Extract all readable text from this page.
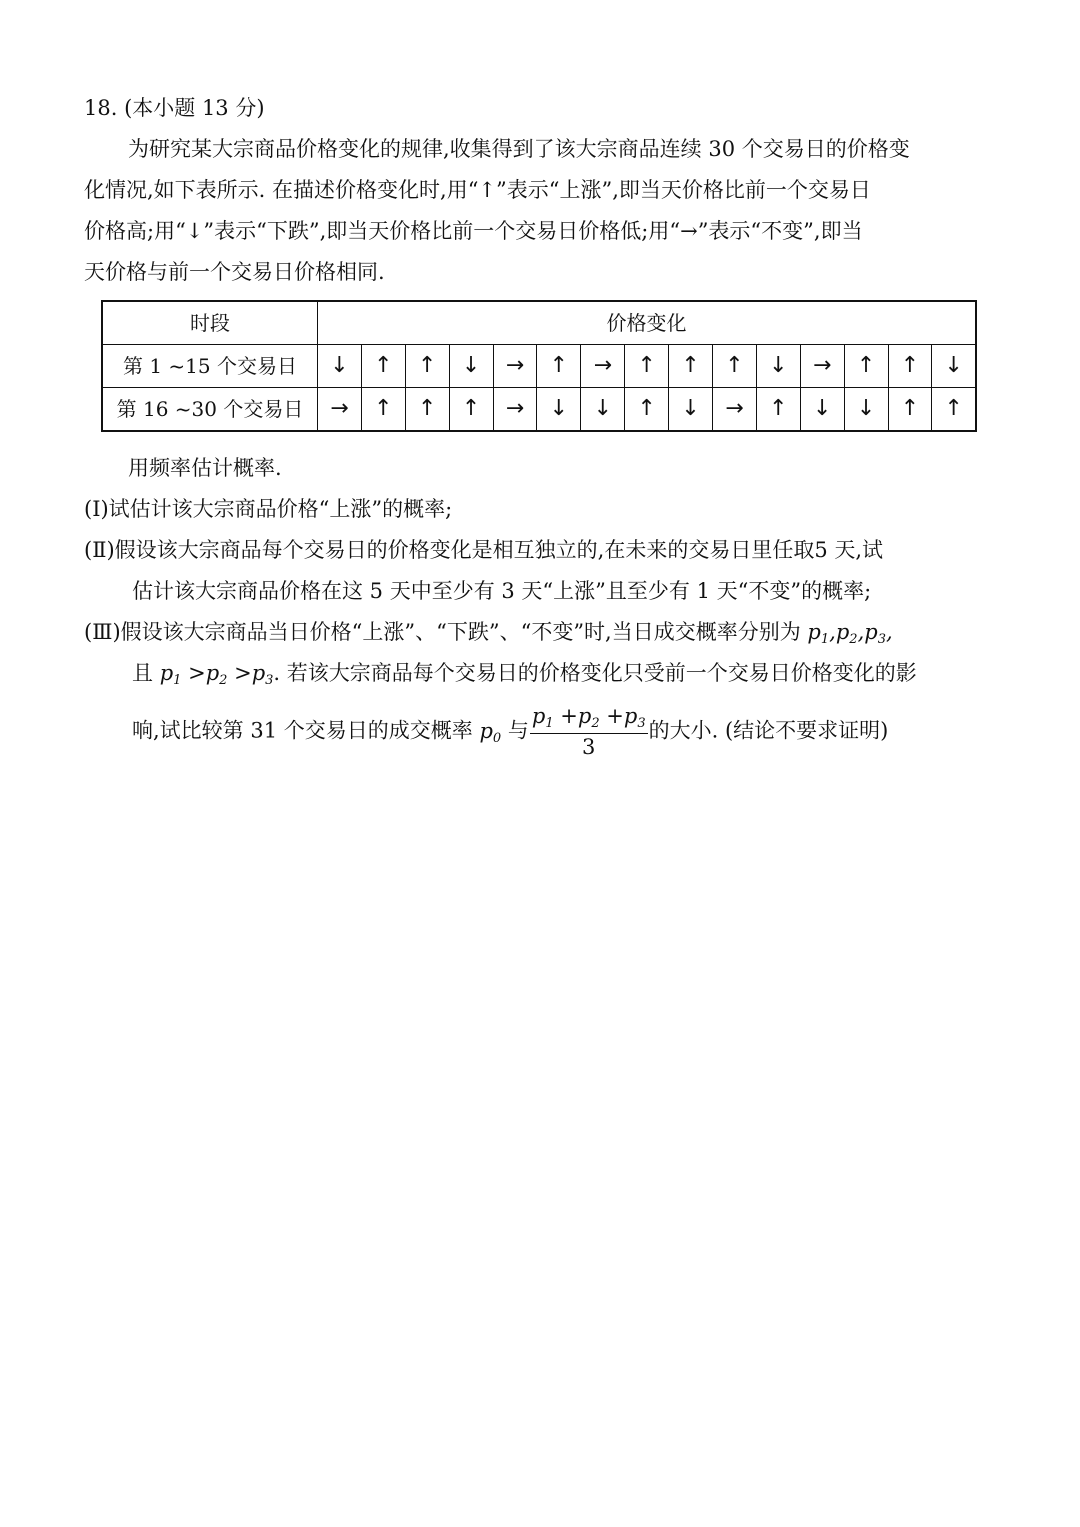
18. (本小题 13 分)
为研究某大宗商品价格变化的规律,收集得到了该大宗商品连续 30 个交易日的价格变
化情况,如下表所示. 在描述价格变化时,用“↑”表示“上涨”,即当天价格比前一个交易日
价格高;用“↓”表示“下跌”,即当天价格比前一个交易日价格低;用“→”表示“不变”,即当
天价格与前一个交易日价格相同.
时段	价格变化														
第 1 ~15 个交易日	↓	↑	↑	↓	→	↑	→	↑	↑	↑	↓	→	↑	↑	↓
第 16 ~30 个交易日	→	↑	↑	↑	→	↓	↓	↑	↓	→	↑	↓	↓	↑	↑
用频率估计概率.
(Ⅰ)试估计该大宗商品价格“上涨”的概率;
(Ⅱ)假设该大宗商品每个交易日的价格变化是相互独立的,在未来的交易日里任取5 天,试
估计该大宗商品价格在这 5 天中至少有 3 天“上涨”且至少有 1 天“不变”的概率;
(Ⅲ)假设该大宗商品当日价格“上涨”、“下跌”、“不变”时,当日成交概率分别为 $p_1,p_2,p_3$,
且 $p_1 >p_2 >p_3$. 若该大宗商品每个交易日的价格变化只受前一个交易日价格变化的影
响,试比较第 31 个交易日的成交概率 $p_0$ 与 $\frac{p_1 +p_2 +p_3}{3}$ 的大小. (结论不要求证明)
